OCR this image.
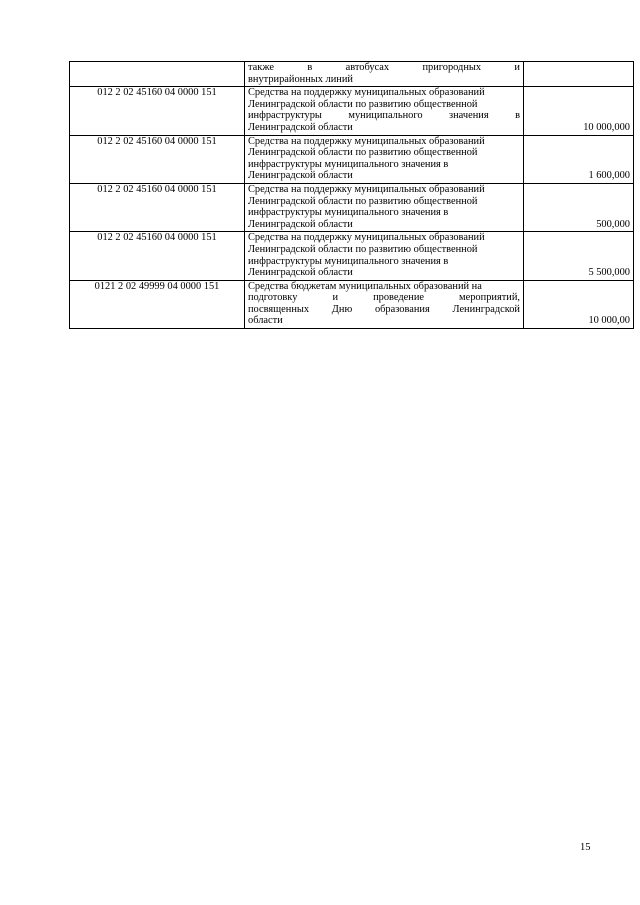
	также в автобусах пригородных и
внутрирайонных линий	

012 2 02 45160 04 0000 151	Средства на поддержку муниципальных образований
Ленинградской области по развитию общественной
инфраструктуры муниципального значения в
Ленинградской области	10 000,000
012 2 02 45160 04 0000 151	Средства на поддержку муниципальных образований
Ленинградской области по развитию общественной
инфраструктуры муниципального значения в
Ленинградской области	1 600,000
012 2 02 45160 04 0000 151	Средства на поддержку муниципальных образований
Ленинградской области по развитию общественной
инфраструктуры муниципального значения в
Ленинградской области	500,000
012 2 02 45160 04 0000 151	Средства на поддержку муниципальных образований
Ленинградской области по развитию общественной
инфраструктуры муниципального значения в
Ленинградской области	5 500,000
0121 2 02 49999 04 0000 151	Средства бюджетам муниципальных образований на
подготовку и проведение мероприятий,
посвященных Дню образования Ленинградской
области	10 000,00
15
